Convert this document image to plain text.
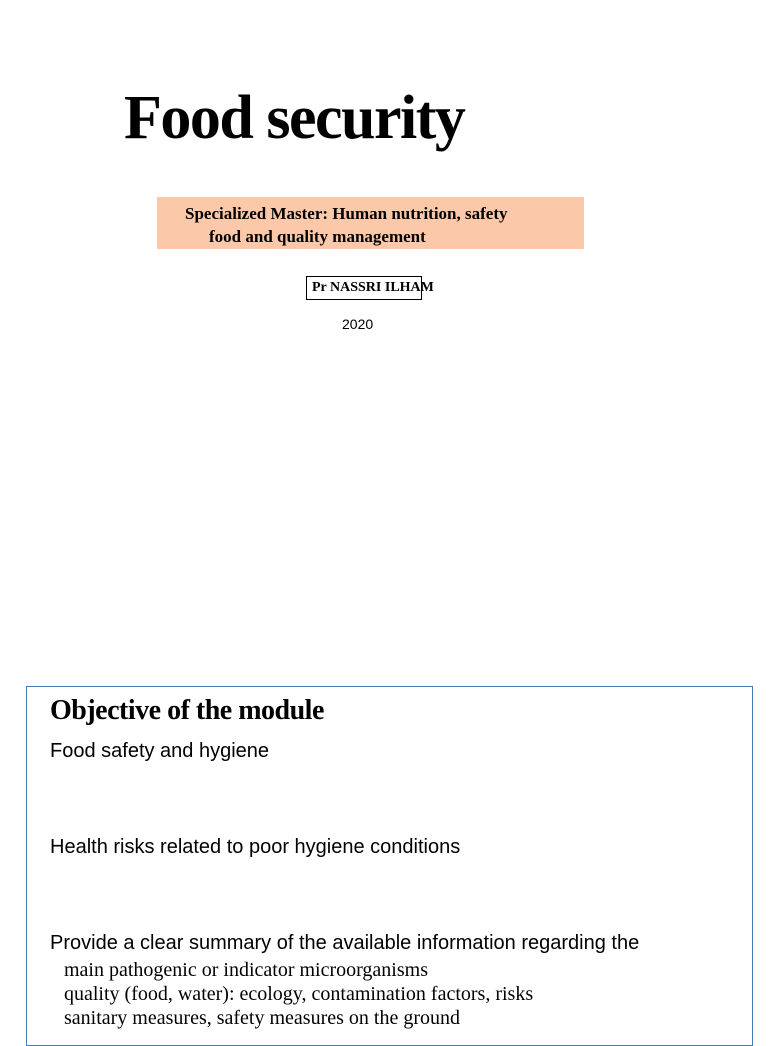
Food security
Specialized Master: Human nutrition, safety
food and quality management
Pr NASSRI ILHAM
2020
Objective of the module

Food safety and hygiene

Health risks related to poor hygiene conditions

Provide a clear summary of the available information regarding the

main pathogenic or indicator microorganisms
quality (food, water): ecology, contamination factors, risks
sanitary measures, safety measures on the ground
